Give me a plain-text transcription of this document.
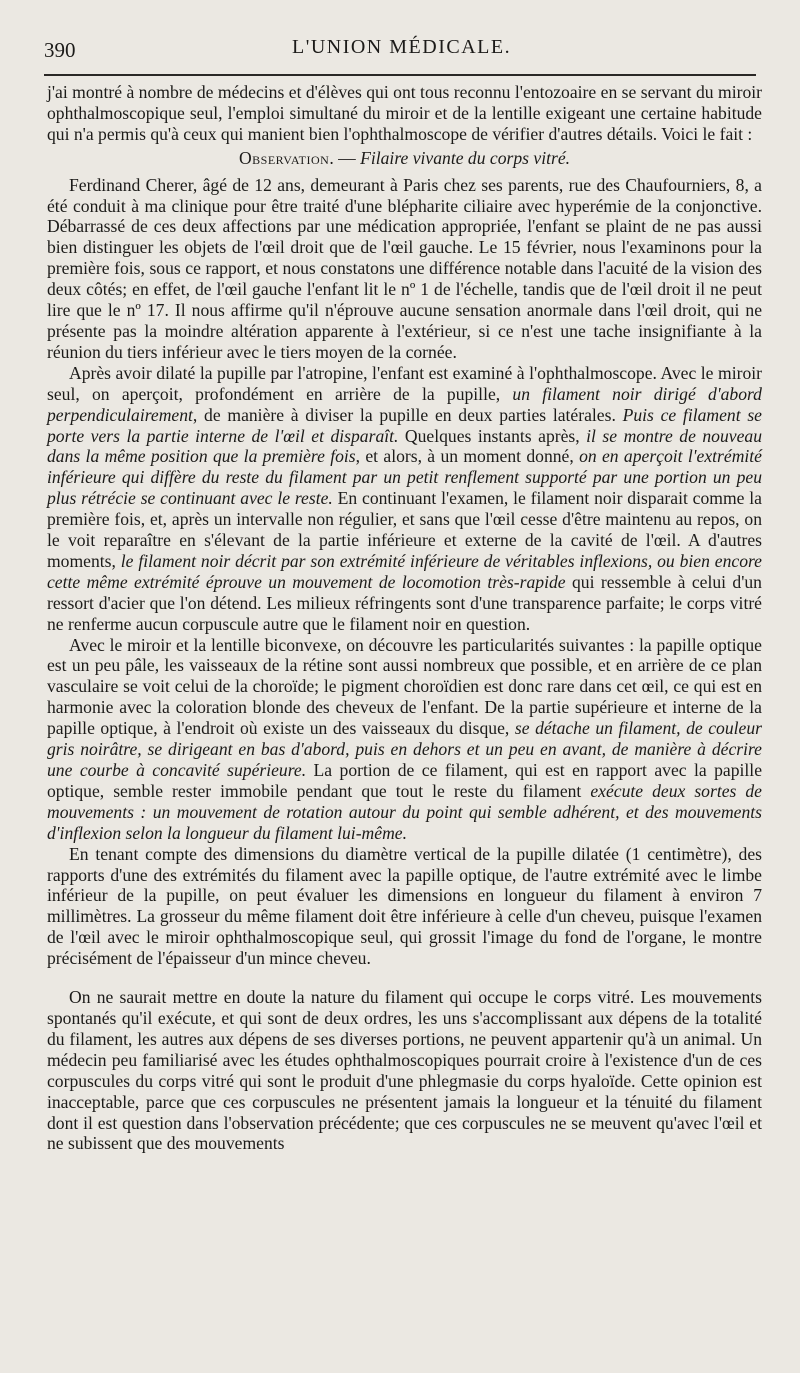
390	L'UNION MÉDICALE.

j'ai montré à nombre de médecins et d'élèves qui ont tous reconnu l'entozoaire en se servant du miroir ophthalmoscopique seul, l'emploi simultané du miroir et de la lentille exigeant une certaine habitude qui n'a permis qu'à ceux qui manient bien l'ophthalmoscope de vérifier d'autres détails. Voici le fait :

Observation. — Filaire vivante du corps vitré.

Ferdinand Cherer, âgé de 12 ans, demeurant à Paris chez ses parents, rue des Chaufourniers, 8, a été conduit à ma clinique pour être traité d'une blépharite ciliaire avec hyperémie de la conjonctive. Débarrassé de ces deux affections par une médication appropriée, l'enfant se plaint de ne pas aussi bien distinguer les objets de l'œil droit que de l'œil gauche. Le 15 février, nous l'examinons pour la première fois, sous ce rapport, et nous constatons une différence notable dans l'acuité de la vision des deux côtés; en effet, de l'œil gauche l'enfant lit le nº 1 de l'échelle, tandis que de l'œil droit il ne peut lire que le nº 17. Il nous affirme qu'il n'éprouve aucune sensation anormale dans l'œil droit, qui ne présente pas la moindre altération apparente à l'extérieur, si ce n'est une tache insignifiante à la réunion du tiers inférieur avec le tiers moyen de la cornée.

Après avoir dilaté la pupille par l'atropine, l'enfant est examiné à l'ophthalmoscope. Avec le miroir seul, on aperçoit, profondément en arrière de la pupille, un filament noir dirigé d'abord perpendiculairement, de manière à diviser la pupille en deux parties latérales. Puis ce filament se porte vers la partie interne de l'œil et disparaît. Quelques instants après, il se montre de nouveau dans la même position que la première fois, et alors, à un moment donné, on en aperçoit l'extrémité inférieure qui diffère du reste du filament par un petit renflement supporté par une portion un peu plus rétrécie se continuant avec le reste. En continuant l'examen, le filament noir disparait comme la première fois, et, après un intervalle non régulier, et sans que l'œil cesse d'être maintenu au repos, on le voit reparaître en s'élevant de la partie inférieure et externe de la cavité de l'œil. A d'autres moments, le filament noir décrit par son extrémité inférieure de véritables inflexions, ou bien encore cette même extrémité éprouve un mouvement de locomotion très-rapide qui ressemble à celui d'un ressort d'acier que l'on détend. Les milieux réfringents sont d'une transparence parfaite; le corps vitré ne renferme aucun corpuscule autre que le filament noir en question.

Avec le miroir et la lentille biconvexe, on découvre les particularités suivantes : la papille optique est un peu pâle, les vaisseaux de la rétine sont aussi nombreux que possible, et en arrière de ce plan vasculaire se voit celui de la choroïde; le pigment choroïdien est donc rare dans cet œil, ce qui est en harmonie avec la coloration blonde des cheveux de l'enfant. De la partie supérieure et interne de la papille optique, à l'endroit où existe un des vaisseaux du disque, se détache un filament, de couleur gris noirâtre, se dirigeant en bas d'abord, puis en dehors et un peu en avant, de manière à décrire une courbe à concavité supérieure. La portion de ce filament, qui est en rapport avec la papille optique, semble rester immobile pendant que tout le reste du filament exécute deux sortes de mouvements : un mouvement de rotation autour du point qui semble adhérent, et des mouvements d'inflexion selon la longueur du filament lui-même.

En tenant compte des dimensions du diamètre vertical de la pupille dilatée (1 centimètre), des rapports d'une des extrémités du filament avec la papille optique, de l'autre extrémité avec le limbe inférieur de la pupille, on peut évaluer les dimensions en longueur du filament à environ 7 millimètres. La grosseur du même filament doit être inférieure à celle d'un cheveu, puisque l'examen de l'œil avec le miroir ophthalmoscopique seul, qui grossit l'image du fond de l'organe, le montre précisément de l'épaisseur d'un mince cheveu.

On ne saurait mettre en doute la nature du filament qui occupe le corps vitré. Les mouvements spontanés qu'il exécute, et qui sont de deux ordres, les uns s'accomplissant aux dépens de la totalité du filament, les autres aux dépens de ses diverses portions, ne peuvent appartenir qu'à un animal. Un médecin peu familiarisé avec les études ophthalmoscopiques pourrait croire à l'existence d'un de ces corpuscules du corps vitré qui sont le produit d'une phlegmasie du corps hyaloïde. Cette opinion est inacceptable, parce que ces corpuscules ne présentent jamais la longueur et la ténuité du filament dont il est question dans l'observation précédente; que ces corpuscules ne se meuvent qu'avec l'œil et ne subissent que des mouvements
